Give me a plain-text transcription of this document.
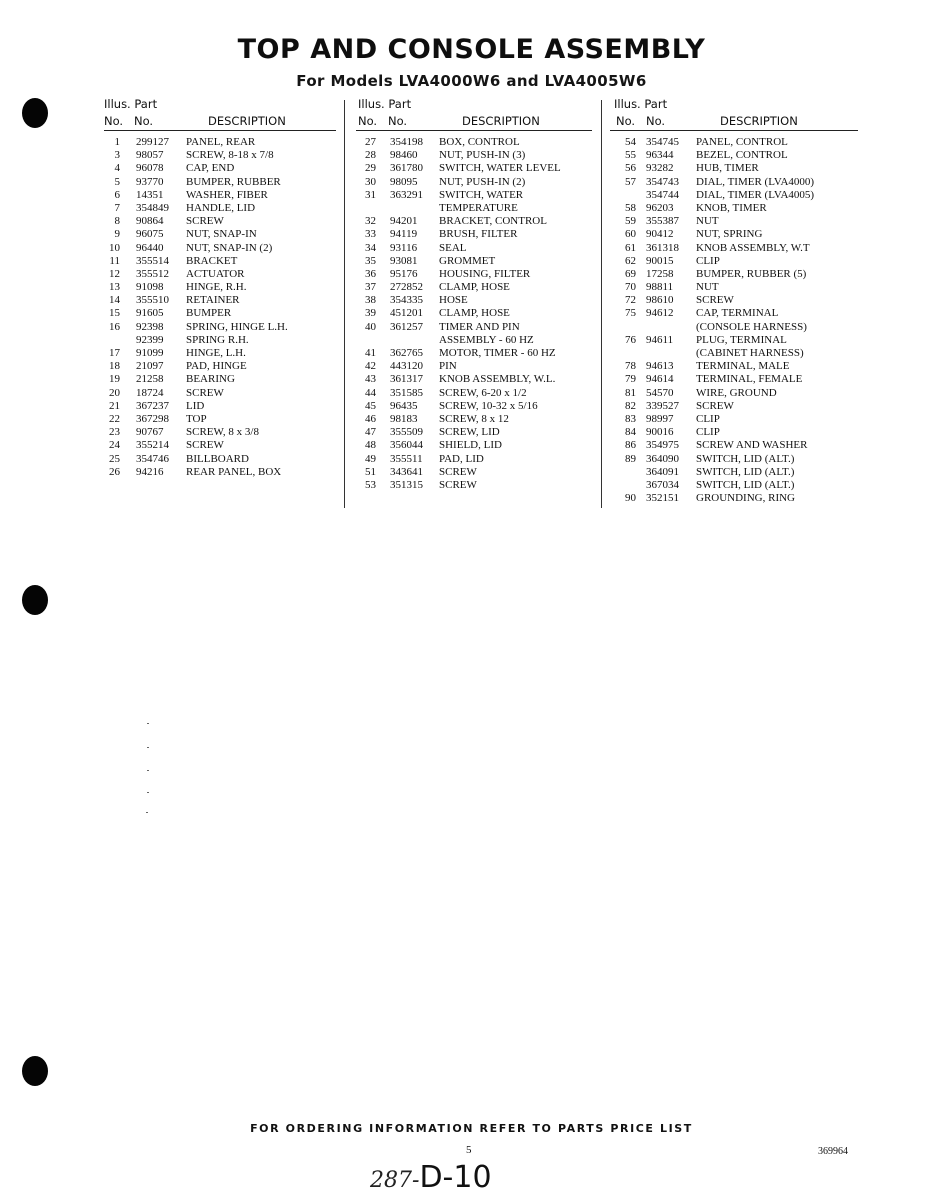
TOP AND CONSOLE ASSEMBLY
For Models LVA4000W6 and LVA4005W6
Illus. Part
No. No.	DESCRIPTION
1 299127 PANEL, REAR
3 98057 SCREW, 8-18 x 7/8
4 96078 CAP, END
5 93770 BUMPER, RUBBER
6 14351 WASHER, FIBER
7 354849 HANDLE, LID
8 90864 SCREW
9 96075 NUT, SNAP-IN
10 96440 NUT, SNAP-IN (2)
11 355514 BRACKET
12 355512 ACTUATOR
13 91098 HINGE, R.H.
14 355510 RETAINER
15 91605 BUMPER
16 92398 SPRING, HINGE L.H.
92399 SPRING R.H.
17 91099 HINGE, L.H.
18 21097 PAD, HINGE
19 21258 BEARING
20 18724 SCREW
21 367237 LID
22 367298 TOP
23 90767 SCREW, 8 x 3/8
24 355214 SCREW
25 354746 BILLBOARD
26 94216 REAR PANEL, BOX
Illus. Part
No. No.	DESCRIPTION
27 354198 BOX, CONTROL
28 98460 NUT, PUSH-IN (3)
29 361780 SWITCH, WATER LEVEL
30 98095 NUT, PUSH-IN (2)
31 363291 SWITCH, WATER
TEMPERATURE
32 94201 BRACKET, CONTROL
33 94119 BRUSH, FILTER
34 93116 SEAL
35 93081 GROMMET
36 95176 HOUSING, FILTER
37 272852 CLAMP, HOSE
38 354335 HOSE
39 451201 CLAMP, HOSE
40 361257 TIMER AND PIN
ASSEMBLY - 60 HZ
41 362765 MOTOR, TIMER - 60 HZ
42 443120 PIN
43 361317 KNOB ASSEMBLY, W.L.
44 351585 SCREW, 6-20 x 1/2
45 96435 SCREW, 10-32 x 5/16
46 98183 SCREW, 8 x 12
47 355509 SCREW, LID
48 356044 SHIELD, LID
49 355511 PAD, LID
51 343641 SCREW
53 351315 SCREW
Illus. Part
No. No.	DESCRIPTION
54 354745 PANEL, CONTROL
55 96344 BEZEL, CONTROL
56 93282 HUB, TIMER
57 354743 DIAL, TIMER (LVA4000)
354744 DIAL, TIMER (LVA4005)
58 96203 KNOB, TIMER
59 355387 NUT
60 90412 NUT, SPRING
61 361318 KNOB ASSEMBLY, W.T
62 90015 CLIP
69 17258 BUMPER, RUBBER (5)
70 98811 NUT
72 98610 SCREW
75 94612 CAP, TERMINAL
(CONSOLE HARNESS)
76 94611 PLUG, TERMINAL
(CABINET HARNESS)
78 94613 TERMINAL, MALE
79 94614 TERMINAL, FEMALE
81 54570 WIRE, GROUND
82 339527 SCREW
83 98997 CLIP
84 90016 CLIP
86 354975 SCREW AND WASHER
89 364090 SWITCH, LID (ALT.)
364091 SWITCH, LID (ALT.)
367034 SWITCH, LID (ALT.)
90 352151 GROUNDING, RING
FOR ORDERING INFORMATION REFER TO PARTS PRICE LIST
5	369964
287-D-10
